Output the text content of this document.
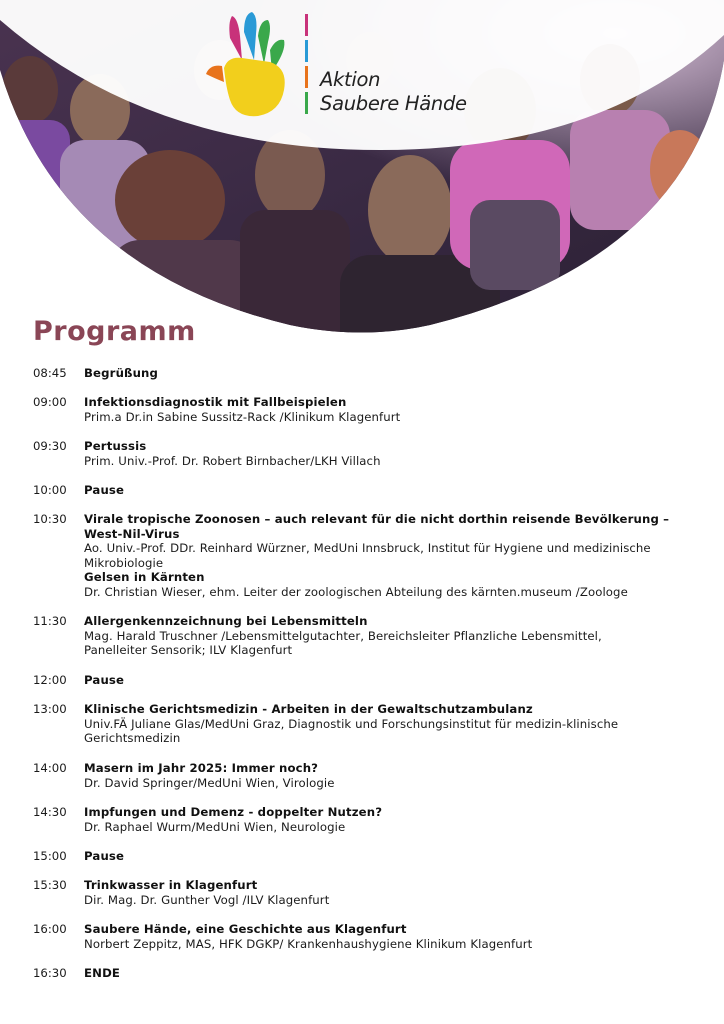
Aktion
Saubere Hände
Programm
08:45	Begrüßung
09:00	Infektionsdiagnostik mit Fallbeispielen
Prim.a Dr.in Sabine Sussitz-Rack /Klinikum Klagenfurt
09:30	Pertussis
Prim. Univ.-Prof. Dr. Robert Birnbacher/LKH Villach
10:00	Pause
10:30	Virale tropische Zoonosen – auch relevant für die nicht dorthin reisende Bevölkerung –
West-Nil-Virus
Ao. Univ.-Prof. DDr. Reinhard Würzner, MedUni Innsbruck, Institut für Hygiene und medizinische Mikrobiologie
Gelsen in Kärnten
Dr. Christian Wieser, ehm. Leiter der zoologischen Abteilung des kärnten.museum /Zoologe
11:30	Allergenkennzeichnung bei Lebensmitteln
Mag. Harald Truschner /Lebensmittelgutachter, Bereichsleiter Pflanzliche Lebensmittel, Panelleiter Sensorik; ILV Klagenfurt
12:00	Pause
13:00	Klinische Gerichtsmedizin - Arbeiten in der Gewaltschutzambulanz
Univ.FÄ Juliane Glas/MedUni Graz, Diagnostik und Forschungsinstitut für medizin-klinische Gerichtsmedizin
14:00	Masern im Jahr 2025: Immer noch?
Dr. David Springer/MedUni Wien, Virologie
14:30	Impfungen und Demenz - doppelter Nutzen?
Dr. Raphael Wurm/MedUni Wien, Neurologie
15:00	Pause
15:30	Trinkwasser in Klagenfurt
Dir. Mag. Dr. Gunther Vogl /ILV Klagenfurt
16:00	Saubere Hände, eine Geschichte aus Klagenfurt
Norbert Zeppitz, MAS, HFK DGKP/ Krankenhaushygiene Klinikum Klagenfurt
16:30	ENDE
